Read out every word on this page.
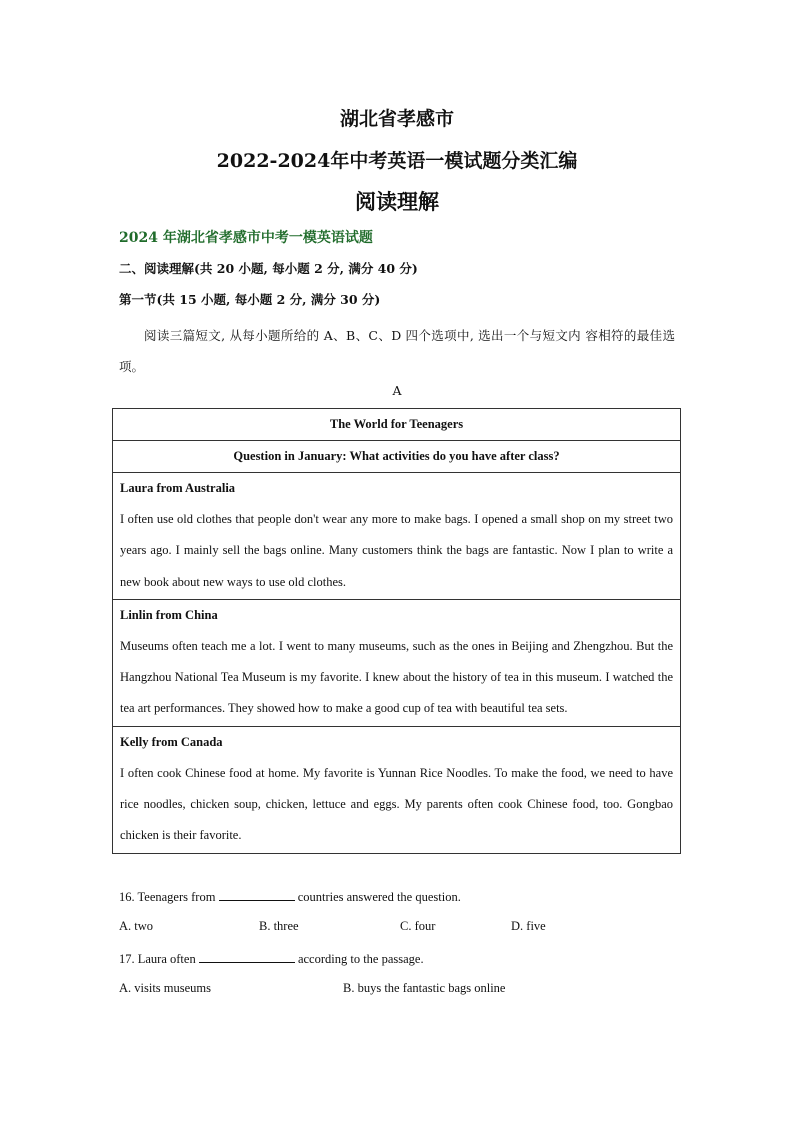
湖北省孝感市
2022-2024年中考英语一模试题分类汇编
阅读理解
2024 年湖北省孝感市中考一模英语试题
二、阅读理解(共 20 小题, 每小题 2 分, 满分 40 分)
第一节(共 15 小题, 每小题 2 分, 满分 30 分)
阅读三篇短文, 从每小题所给的 A、B、C、D 四个选项中, 选出一个与短文内 容相符的最佳选项。
A
The World for Teenagers
Question in January: What activities do you have after class?

Laura from Australia
I often use old clothes that people don't wear any more to make bags. I opened a small shop on my street two years ago. I mainly sell the bags online. Many customers think the bags are fantastic. Now I plan to write a new book about new ways to use old clothes.

Linlin from China
Museums often teach me a lot. I went to many museums, such as the ones in Beijing and Zhengzhou. But the Hangzhou National Tea Museum is my favorite. I knew about the history of tea in this museum. I watched the tea art performances. They showed how to make a good cup of tea with beautiful tea sets.

Kelly from Canada
I often cook Chinese food at home. My favorite is Yunnan Rice Noodles. To make the food, we need to have rice noodles, chicken soup, chicken, lettuce and eggs. My parents often cook Chinese food, too. Gongbao chicken is their favorite.
16. Teenagers from	countries answered the question.
A. two	B. three	C. four	D. five
17. Laura often	according to the passage.
A. visits museums	B. buys the fantastic bags online
